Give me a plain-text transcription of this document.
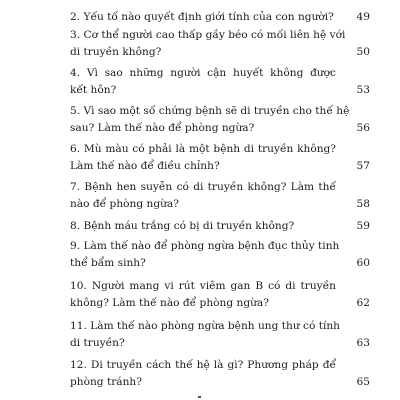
2. Yếu tố nào quyết định giới tính của con người?	49
3. Cơ thể người cao thấp gầy béo có mối liên hệ với
di truyền không?	50
4. Vì sao những người cận huyết không được
kết hôn?	53
5. Vì sao một số chứng bệnh sẽ di truyền cho thế hệ
sau? Làm thế nào để phòng ngừa?	56
6. Mù màu có phải là một bệnh di truyền không?
Làm thế nào để điều chỉnh?	57
7. Bệnh hen suyễn có di truyền không? Làm thế
nào để phòng ngừa?	58
8. Bệnh máu trắng có bị di truyền không?	59
9. Làm thế nào để phòng ngừa bệnh đục thủy tinh
thể bẩm sinh?	60
10. Người mang vi rút viêm gan B có di truyền
không? Làm thế nào để phòng ngừa?	62
11. Làm thế nào phòng ngừa bệnh ung thư có tính
di truyền?	63
12. Di truyền cách thế hệ là gì? Phương pháp để
phòng tránh?	65
